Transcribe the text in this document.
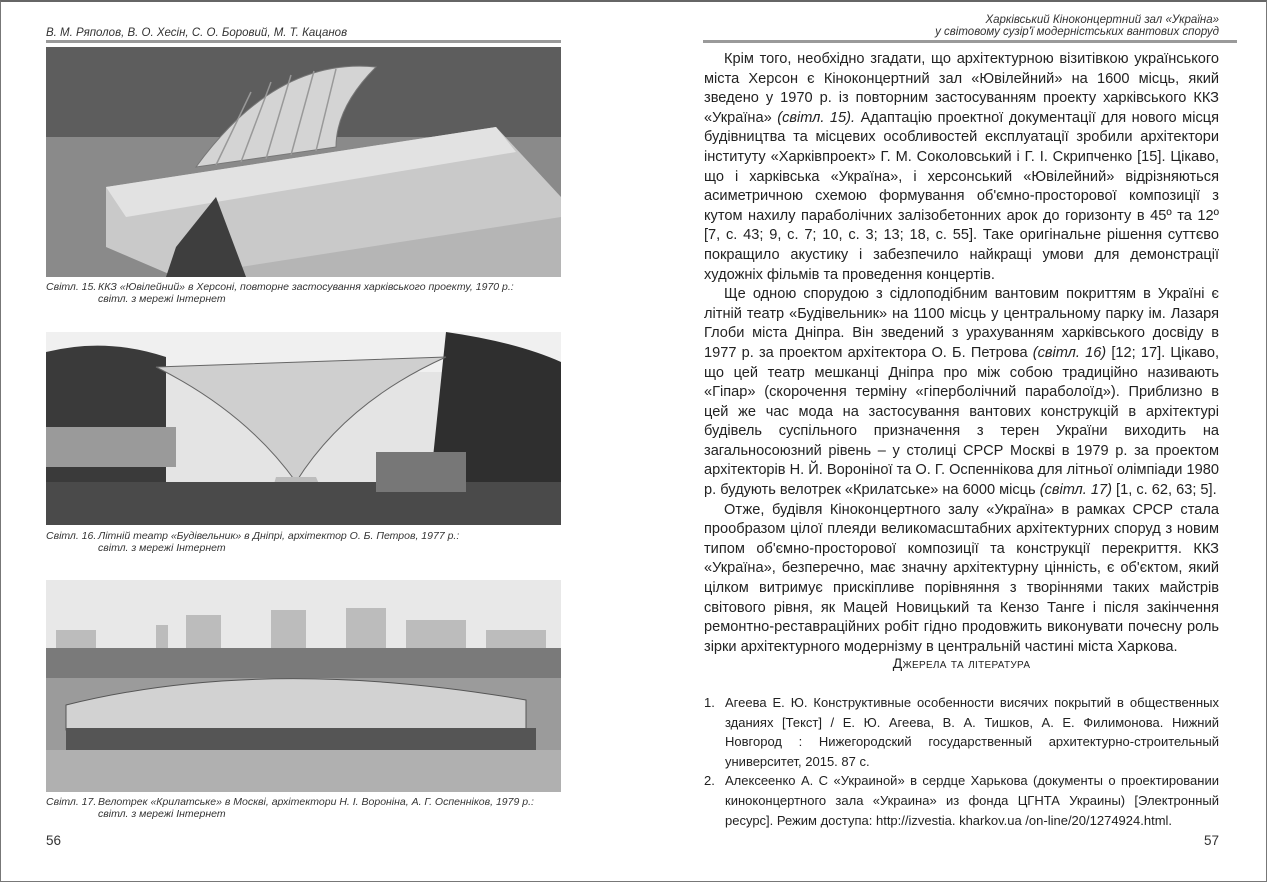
В. М. Ряполов, В. О. Хесін, С. О. Боровий, М. Т. Кацанов
Світл. 15. ККЗ «Ювілейний» в Херсоні, повторне застосування харківського проекту, 1970 р.:
світл. з мережі Інтернет
Світл. 16. Літній театр «Будівельник» в Дніпрі, архітектор О. Б. Петров, 1977 р.:
світл. з мережі Інтернет
Світл. 17. Велотрек «Крилатське» в Москві, архітектори Н. І. Вороніна, А. Г. Оспенніков, 1979 р.:
світл. з мережі Інтернет
56
Харківський Кіноконцертний зал «Україна»
у світовому сузір'ї модерністських вантових споруд

Крім того, необхідно згадати, що архітектурною візитівкою українського міста Херсон є Кіноконцертний зал «Ювілейний» на 1600 місць, який зведено у 1970 р. із повторним застосуванням проекту харківського ККЗ «Україна» (світл. 15). Адаптацію проектної документації для нового місця будівництва та місцевих особливостей експлуатації зробили архітектори інституту «Харківпроект» Г. М. Соколовський і Г. І. Скрипченко [15]. Цікаво, що і харківська «Україна», і херсонський «Ювілейний» відрізняються асиметричною схемою формування об'ємно-просторової композиції з кутом нахилу параболічних залізобетонних арок до горизонту в 45º та 12º [7, с. 43; 9, с. 7; 10, с. 3; 13; 18, с. 55]. Таке оригінальне рішення суттєво покращило акустику і забезпечило найкращі умови для демонстрації художніх фільмів та проведення концертів.

Ще одною спорудою з сідлоподібним вантовим покриттям в Україні є літній театр «Будівельник» на 1100 місць у центральному парку ім. Лазаря Глоби міста Дніпра. Він зведений з урахуванням харківського досвіду в 1977 р. за проектом архітектора О. Б. Петрова (світл. 16) [12; 17]. Цікаво, що цей театр мешканці Дніпра про між собою традиційно називають «Гіпар» (скорочення терміну «гіперболічний параболоїд»). Приблизно в цей же час мода на застосування вантових конструкцій в архітектурі будівель суспільного призначення з терен України виходить на загальносоюзний рівень – у столиці СРСР Москві в 1979 р. за проектом архітекторів Н. Й. Вороніної та О. Г. Оспеннікова для літньої олімпіади 1980 р. будують велотрек «Крилатське» на 6000 місць (світл. 17) [1, с. 62, 63; 5].

Отже, будівля Кіноконцертного залу «Україна» в рамках СРСР стала прообразом цілої плеяди великомасштабних архітектурних споруд з новим типом об'ємно-просторової композиції та конструкції перекриття. ККЗ «Україна», безперечно, має значну архітектурну цінність, є об'єктом, який цілком витримує прискіпливе порівняння з творіннями таких майстрів світового рівня, як Мацей Новицький та Кензо Танге і після закінчення ремонтно-реставраційних робіт гідно продовжить виконувати почесну роль зірки архітектурного модернізму в центральній частині міста Харкова.

Джерела та література
1. Агеева Е. Ю. Конструктивные особенности висячих покрытий в общественных зданиях [Текст] / Е. Ю. Агеева, В. А. Тишков, А. Е. Филимонова. Нижний Новгород : Нижегородский государственный архитектурно-строительный университет, 2015. 87 с.
2. Алексеенко А. С «Украиной» в сердце Харькова (документы о проектировании киноконцертного зала «Украина» из фонда ЦГНТА Украины) [Электронный ресурс]. Режим доступа: http://izvestia. kharkov.ua /on-line/20/1274924.html.
57
